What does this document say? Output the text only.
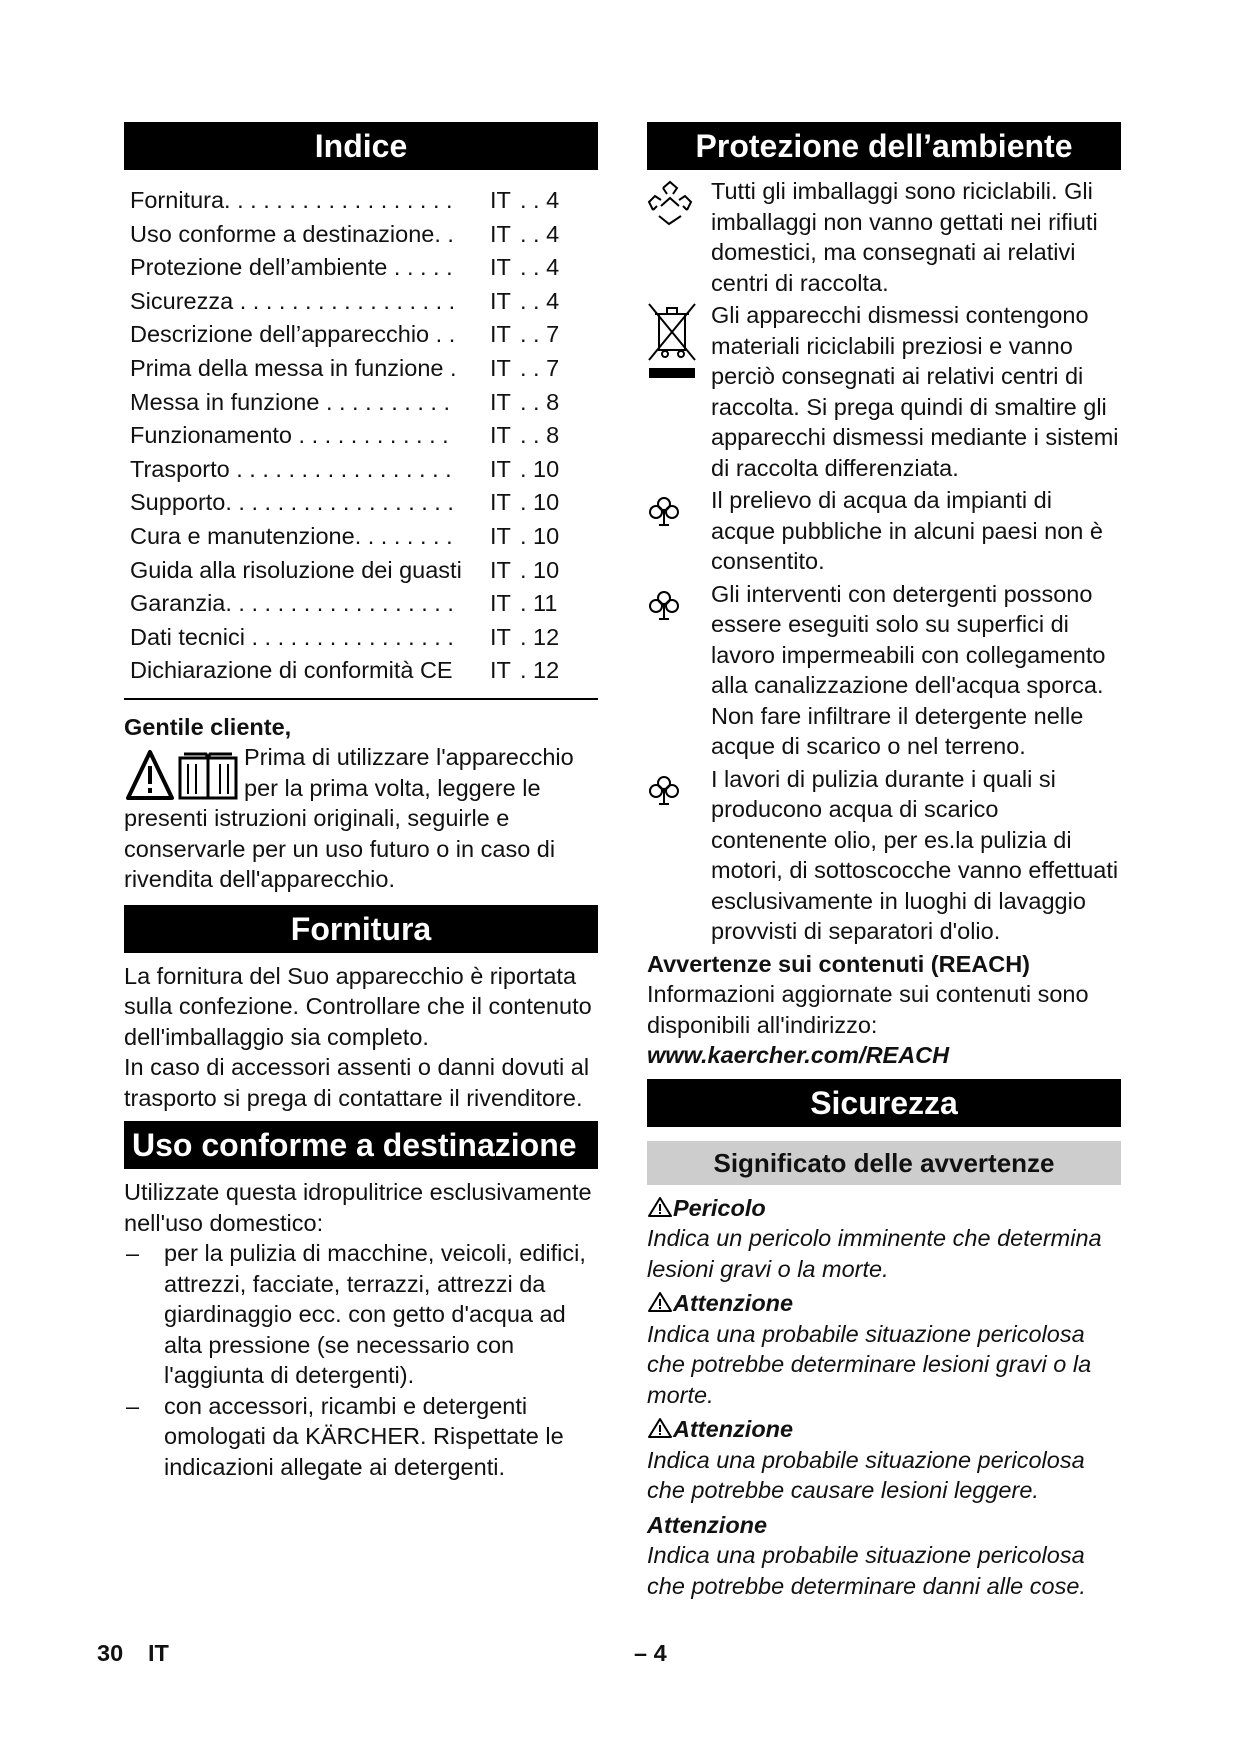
Indice
Fornitura. . . . . . . . . . . . . . . . . . IT . . 4
Uso conforme a destinazione. . IT . . 4
Protezione dell’ambiente . . . . . IT . . 4
Sicurezza . . . . . . . . . . . . . . . . . IT . . 4
Descrizione dell’apparecchio . . IT . . 7
Prima della messa in funzione . IT . . 7
Messa in funzione . . . . . . . . . . IT . . 8
Funzionamento . . . . . . . . . . . . IT . . 8
Trasporto . . . . . . . . . . . . . . . . . IT . 10
Supporto. . . . . . . . . . . . . . . . . . IT . 10
Cura e manutenzione. . . . . . . . IT . 10
Guida alla risoluzione dei guasti IT . 10
Garanzia. . . . . . . . . . . . . . . . . . IT . 11
Dati tecnici . . . . . . . . . . . . . . . . IT . 12
Dichiarazione di conformità CE IT . 12
Gentile cliente,
Prima di utilizzare l'apparecchio per la prima volta, leggere le presenti istruzioni originali, seguirle e conservarle per un uso futuro o in caso di rivendita dell'apparecchio.
Fornitura

La fornitura del Suo apparecchio è riportata sulla confezione. Controllare che il contenuto dell'imballaggio sia completo.

In caso di accessori assenti o danni dovuti al trasporto si prega di contattare il rivenditore.

Uso conforme a destinazione

Utilizzate questa idropulitrice esclusivamente nell'uso domestico:

– per la pulizia di macchine, veicoli, edifici, attrezzi, facciate, terrazzi, attrezzi da giardinaggio ecc. con getto d'acqua ad alta pressione (se necessario con l'aggiunta di detergenti).
– con accessori, ricambi e detergenti omologati da KÄRCHER. Rispettate le indicazioni allegate ai detergenti.
Protezione dell’ambiente
Tutti gli imballaggi sono riciclabili. Gli imballaggi non vanno gettati nei rifiuti domestici, ma consegnati ai relativi centri di raccolta.
Gli apparecchi dismessi contengono materiali riciclabili preziosi e vanno perciò consegnati ai relativi centri di raccolta. Si prega quindi di smaltire gli apparecchi dismessi mediante i sistemi di raccolta differenziata.
Il prelievo di acqua da impianti di acque pubbliche in alcuni paesi non è consentito.
Gli interventi con detergenti possono essere eseguiti solo su superfici di lavoro impermeabili con collegamento alla canalizzazione dell'acqua sporca. Non fare infiltrare il detergente nelle acque di scarico o nel terreno.
I lavori di pulizia durante i quali si producono acqua di scarico contenente olio, per es.la pulizia di motori, di sottoscocche vanno effettuati esclusivamente in luoghi di lavaggio provvisti di separatori d'olio.
Avvertenze sui contenuti (REACH)

Informazioni aggiornate sui contenuti sono disponibili all'indirizzo:

www.kaercher.com/REACH

Sicurezza
Significato delle avvertenze
Pericolo
Indica un pericolo imminente che determina lesioni gravi o la morte.
Attenzione
Indica una probabile situazione pericolosa che potrebbe determinare lesioni gravi o la morte.
Attenzione
Indica una probabile situazione pericolosa che potrebbe causare lesioni leggere.
Attenzione
Indica una probabile situazione pericolosa che potrebbe determinare danni alle cose.
30 IT	– 4
